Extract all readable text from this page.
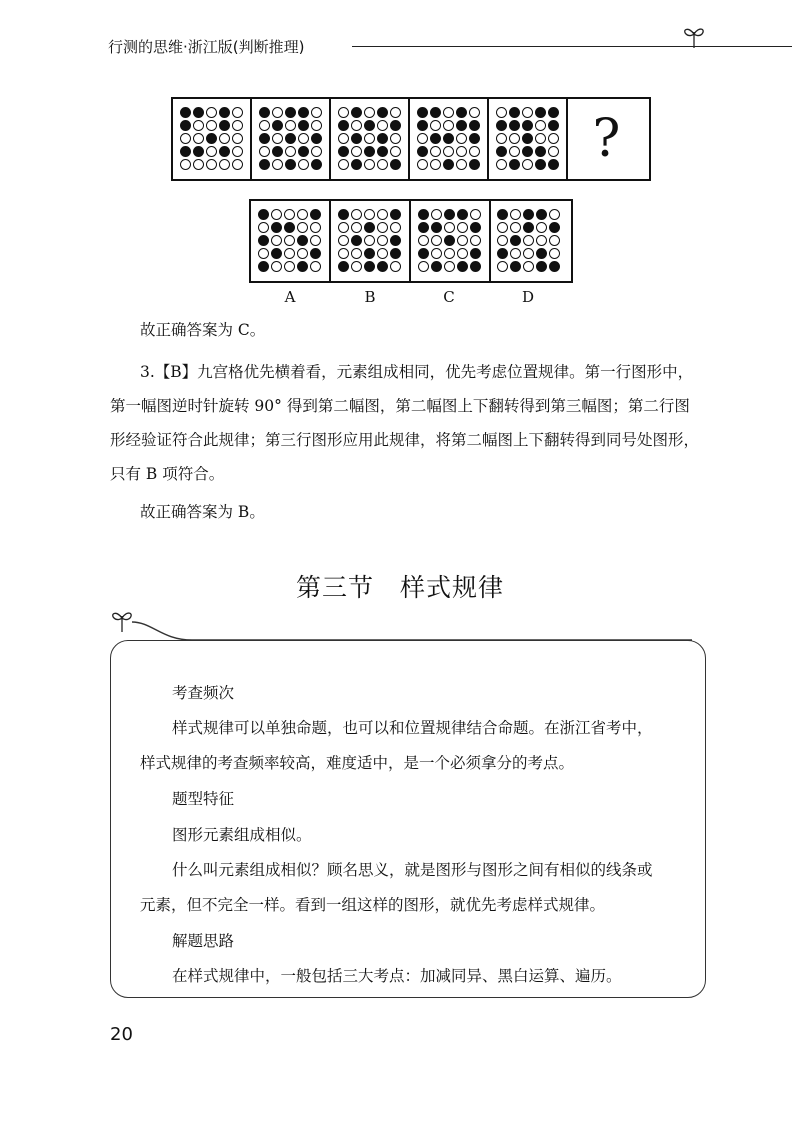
行测的思维·浙江版(判断推理)
?
A	B	C	D
故正确答案为 C。
3.【B】九宫格优先横着看，元素组成相同，优先考虑位置规律。第一行图形中，
第一幅图逆时针旋转 90° 得到第二幅图，第二幅图上下翻转得到第三幅图；第二行图
形经验证符合此规律；第三行图形应用此规律，将第二幅图上下翻转得到同号处图形，
只有 B 项符合。
故正确答案为 B。
第三节　样式规律
考查频次
样式规律可以单独命题，也可以和位置规律结合命题。在浙江省考中，
样式规律的考查频率较高，难度适中，是一个必须拿分的考点。
题型特征
图形元素组成相似。
什么叫元素组成相似？顾名思义，就是图形与图形之间有相似的线条或
元素，但不完全一样。看到一组这样的图形，就优先考虑样式规律。
解题思路
在样式规律中，一般包括三大考点：加减同异、黑白运算、遍历。
20
